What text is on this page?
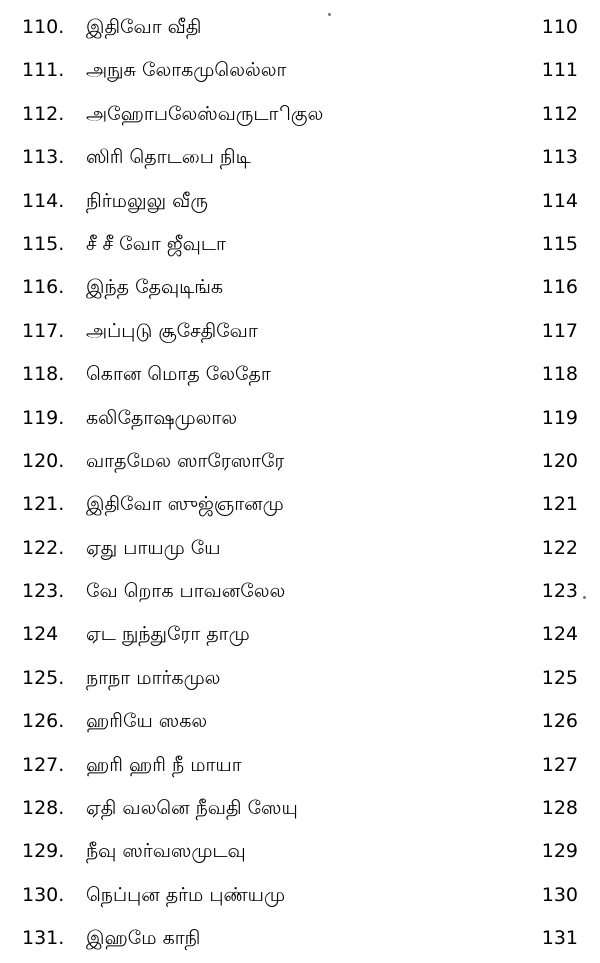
110. இதிவோ வீதி	110
111. அநுசு லோகமுலெல்லா	111
112. அஹோபலேஸ்வருடாிகுல	112
113. ஸிரி தொடபை நிடி	113
114. நிர்மலுலு வீரு	114
115. சீ சீ வோ ஜீவுடா	115
116. இந்த தேவுடிங்க	116
117. அப்புடு சூசேதிவோ	117
118. கொன மொத லேதோ	118
119. கலிதோஷமுலால	119
120. வாதமேல ஸாரேஸாரே	120
121. இதிவோ ஸுஜ்ஞானமு	121
122. ஏது பாயமு யே	122
123. வே றொக பாவனலேல	123
124 ஏட நுந்துரோ தாமு	124
125. நாநா மார்கமுல	125
126. ஹரியே ஸகல	126
127. ஹரி ஹரி நீ மாயா	127
128. ஏதி வலனெ நீவதி ஸேயு	128
129. நீவு ஸர்வஸமுடவு	129
130. நெப்புன தர்ம புண்யமு	130
131. இஹமே காநி	131
